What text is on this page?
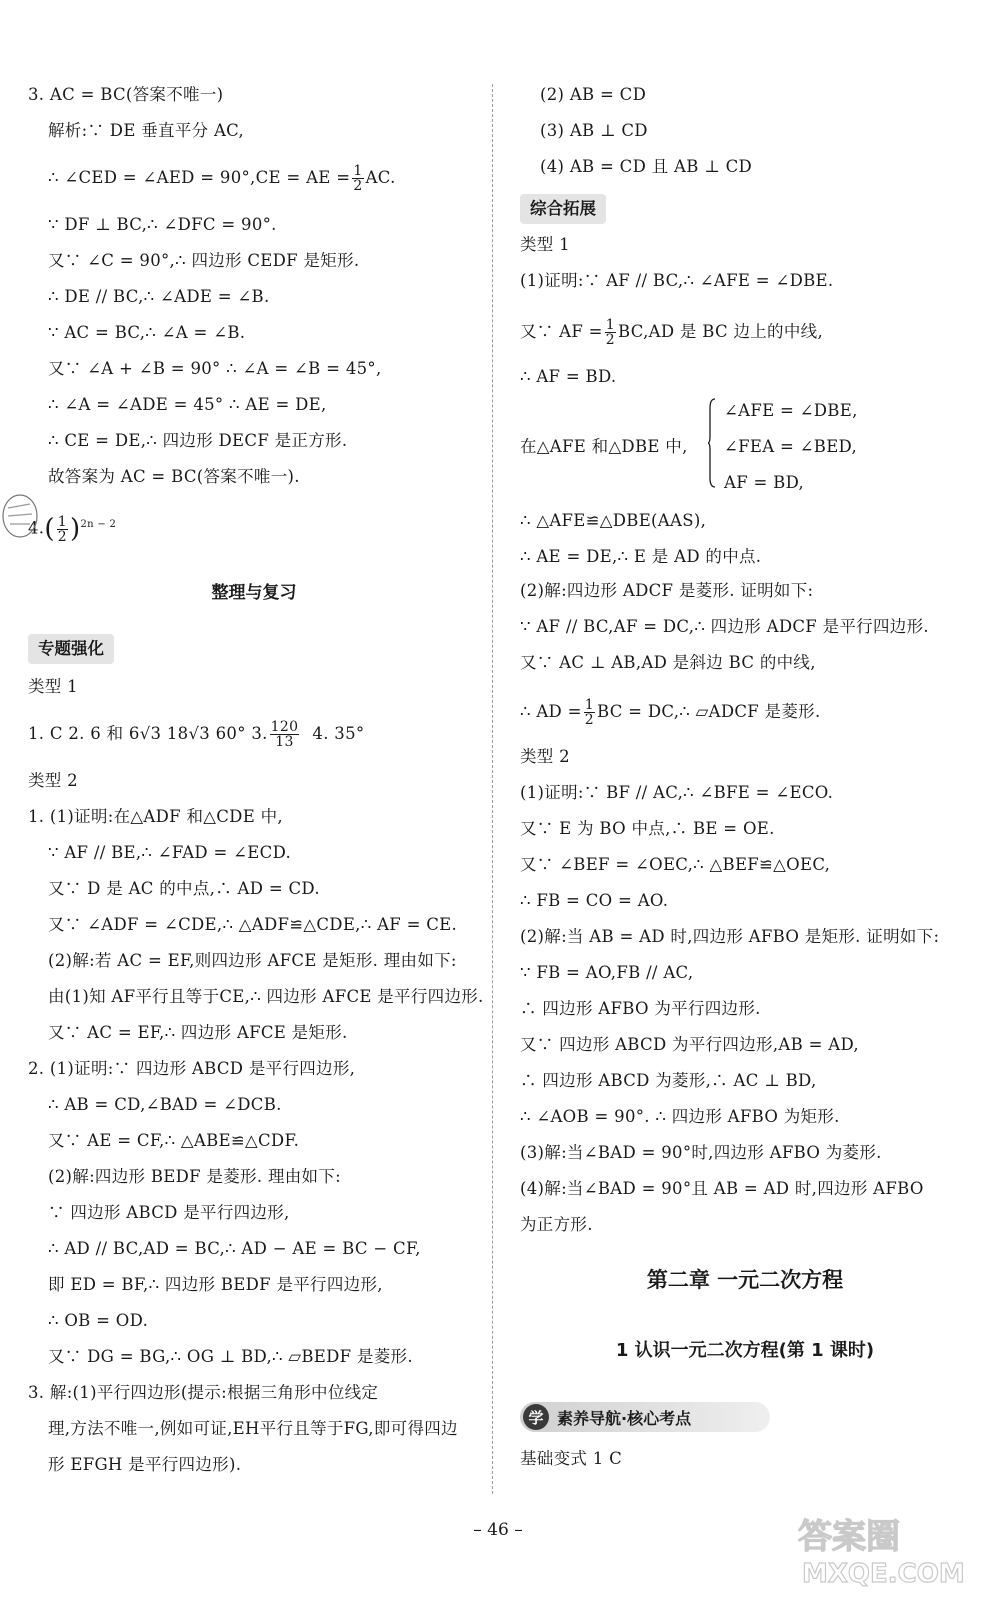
3. AC = BC(答案不唯一)
解析:∵ DE 垂直平分 AC,
∴ ∠CED = ∠AED = 90°,CE = AE = $\frac{1}{2}$ AC.
∵ DF ⊥ BC,∴ ∠DFC = 90°.
又∵ ∠C = 90°,∴ 四边形 CEDF 是矩形.
∴ DE // BC,∴ ∠ADE = ∠B.
∵ AC = BC,∴ ∠A = ∠B.
又∵ ∠A + ∠B = 90° ∴ ∠A = ∠B = 45°,
∴ ∠A = ∠ADE = 45° ∴ AE = DE,
∴ CE = DE,∴ 四边形 DECF 是正方形.
故答案为 AC = BC(答案不唯一).
$4.( \frac{1}{2} )^{2n - 2}$
整理与复习
专题强化
类型 1
1. C 2. 6 和 6√3 18√3 60° 3. $\frac{120}{13} 4$. 35°
类型 2
1. (1)证明:在△ADF 和△CDE 中,
∵ AF // BE,∴ ∠FAD = ∠ECD.
又∵ D 是 AC 的中点,∴ AD = CD.
又∵ ∠ADF = ∠CDE,∴ △ADF≌△CDE,∴ AF = CE.
(2)解:若 AC = EF,则四边形 AFCE 是矩形. 理由如下:
由(1)知 AF平行且等于CE,∴ 四边形 AFCE 是平行四边形.
又∵ AC = EF,∴ 四边形 AFCE 是矩形.
2. (1)证明:∵ 四边形 ABCD 是平行四边形,
∴ AB = CD,∠BAD = ∠DCB.
又∵ AE = CF,∴ △ABE≌△CDF.
(2)解:四边形 BEDF 是菱形. 理由如下:
∵ 四边形 ABCD 是平行四边形,
∴ AD // BC,AD = BC,∴ AD − AE = BC − CF,
即 ED = BF,∴ 四边形 BEDF 是平行四边形,
∴ OB = OD.
又∵ DG = BG,∴ OG ⊥ BD,∴ ▱BEDF 是菱形.
3. 解:(1)平行四边形(提示:根据三角形中位线定
理,方法不唯一,例如可证,EH平行且等于FG,即可得四边
形 EFGH 是平行四边形).
(2) AB = CD
(3) AB ⊥ CD
(4) AB = CD 且 AB ⊥ CD
综合拓展
类型 1
(1)证明:∵ AF // BC,∴ ∠AFE = ∠DBE.
又∵ AF = $\frac{1}{2} BC,AD$ 是 BC 边上的中线,
∴ AF = BD.
在△AFE 和△DBE 中,
∠AFE = ∠DBE,
∠FEA = ∠BED,
AF = BD,
∴ △AFE≌△DBE(AAS),
∴ AE = DE,∴ E 是 AD 的中点.
(2)解:四边形 ADCF 是菱形. 证明如下:
∵ AF // BC,AF = DC,∴ 四边形 ADCF 是平行四边形.
又∵ AC ⊥ AB,AD 是斜边 BC 的中线,
∴ AD = $\frac{1}{2}$ BC = DC,∴ ▱ADCF 是菱形.
类型 2
(1)证明:∵ BF // AC,∴ ∠BFE = ∠ECO.
又∵ E 为 BO 中点,∴ BE = OE.
又∵ ∠BEF = ∠OEC,∴ △BEF≌△OEC,
∴ FB = CO = AO.
(2)解:当 AB = AD 时,四边形 AFBO 是矩形. 证明如下:
∵ FB = AO,FB // AC,
∴ 四边形 AFBO 为平行四边形.
又∵ 四边形 ABCD 为平行四边形,AB = AD,
∴ 四边形 ABCD 为菱形,∴ AC ⊥ BD,
∴ ∠AOB = 90°. ∴ 四边形 AFBO 为矩形.
(3)解:当∠BAD = 90°时,四边形 AFBO 为菱形.
(4)解:当∠BAD = 90°且 AB = AD 时,四边形 AFBO
为正方形.
第二章 一元二次方程
1 认识一元二次方程(第 1 课时)
学 素养导航·核心考点
基础变式 1 C
– 46 –	答案圈
MXQE.COM
